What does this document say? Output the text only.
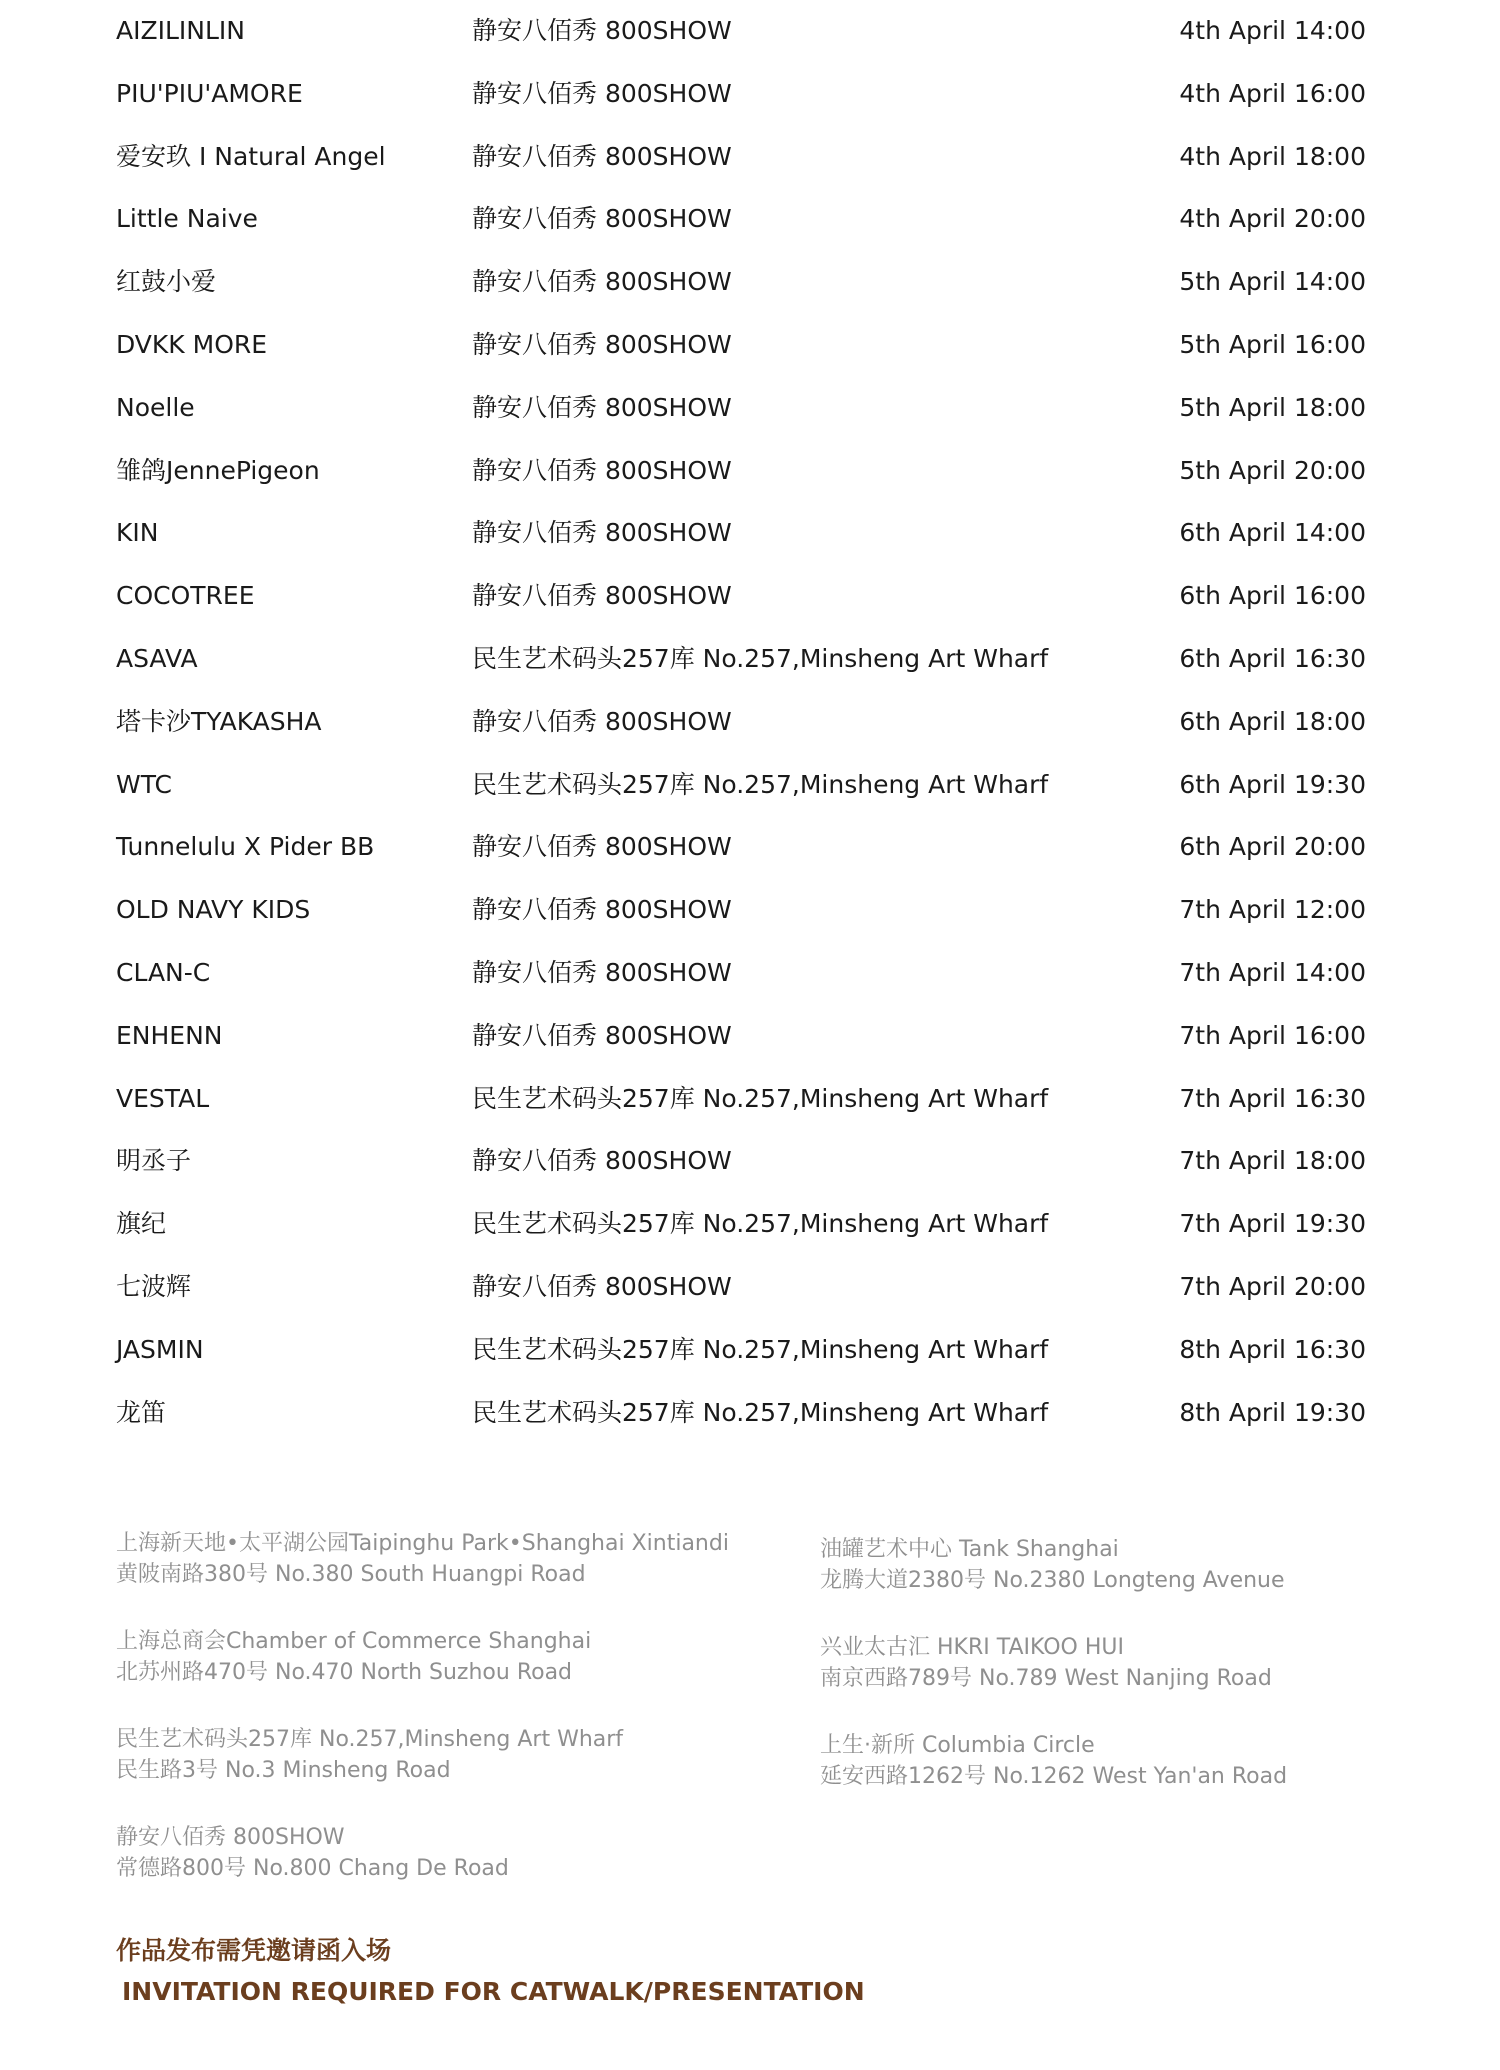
AIZILINLIN	静安八佰秀 800SHOW	4th April 14:00
PIU'PIU'AMORE	静安八佰秀 800SHOW	4th April 16:00
爱安玖 I Natural Angel	静安八佰秀 800SHOW	4th April 18:00
Little Naive	静安八佰秀 800SHOW	4th April 20:00
红鼓小爱	静安八佰秀 800SHOW	5th April 14:00
DVKK MORE	静安八佰秀 800SHOW	5th April 16:00
Noelle	静安八佰秀 800SHOW	5th April 18:00
雏鸽JennePigeon	静安八佰秀 800SHOW	5th April 20:00
KIN	静安八佰秀 800SHOW	6th April 14:00
COCOTREE	静安八佰秀 800SHOW	6th April 16:00
ASAVA	民生艺术码头257库 No.257,Minsheng Art Wharf	6th April 16:30
塔卡沙TYAKASHA	静安八佰秀 800SHOW	6th April 18:00
WTC	民生艺术码头257库 No.257,Minsheng Art Wharf	6th April 19:30
Tunnelulu X Pider BB	静安八佰秀 800SHOW	6th April 20:00
OLD NAVY KIDS	静安八佰秀 800SHOW	7th April 12:00
CLAN-C	静安八佰秀 800SHOW	7th April 14:00
ENHENN	静安八佰秀 800SHOW	7th April 16:00
VESTAL	民生艺术码头257库 No.257,Minsheng Art Wharf	7th April 16:30
明丞子	静安八佰秀 800SHOW	7th April 18:00
旗纪	民生艺术码头257库 No.257,Minsheng Art Wharf	7th April 19:30
七波辉	静安八佰秀 800SHOW	7th April 20:00
JASMIN	民生艺术码头257库 No.257,Minsheng Art Wharf	8th April 16:30
龙笛	民生艺术码头257库 No.257,Minsheng Art Wharf	8th April 19:30
上海新天地•太平湖公园Taipinghu Park•Shanghai Xintiandi
黄陂南路380号 No.380 South Huangpi Road
上海总商会Chamber of Commerce Shanghai
北苏州路470号 No.470 North Suzhou Road
民生艺术码头257库 No.257,Minsheng Art Wharf
民生路3号 No.3 Minsheng Road
静安八佰秀 800SHOW
常德路800号 No.800 Chang De Road
油罐艺术中心 Tank Shanghai
龙腾大道2380号 No.2380 Longteng Avenue
兴业太古汇 HKRI TAIKOO HUI
南京西路789号 No.789 West Nanjing Road
上生·新所 Columbia Circle
延安西路1262号 No.1262 West Yan'an Road
作品发布需凭邀请函入场
INVITATION REQUIRED FOR CATWALK/PRESENTATION
